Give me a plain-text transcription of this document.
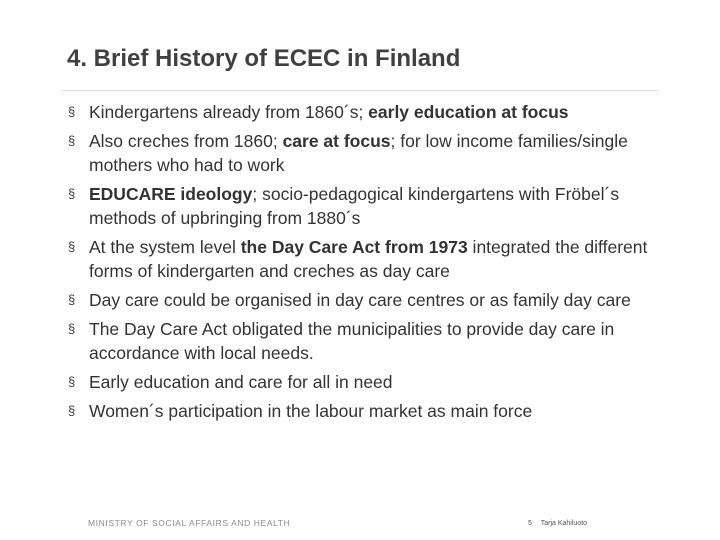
4. Brief History of ECEC in Finland
§ Kindergartens already from 1860´s; early education at focus
§ Also creches from 1860; care at focus; for low income families/single mothers who had to work
§ EDUCARE ideology; socio-pedagogical kindergartens with Fröbel´s methods of upbringing from 1880´s
§ At the system level the Day Care Act from 1973 integrated the different forms of kindergarten and creches as day care
§ Day care could be organised in day care centres or as family day care
§ The Day Care Act obligated the municipalities to provide day care in accordance with local needs.
§ Early education and care for all in need
§ Women´s participation in the labour market as main force
MINISTRY OF SOCIAL AFFAIRS AND HEALTH	5 Tarja Kahiluoto
